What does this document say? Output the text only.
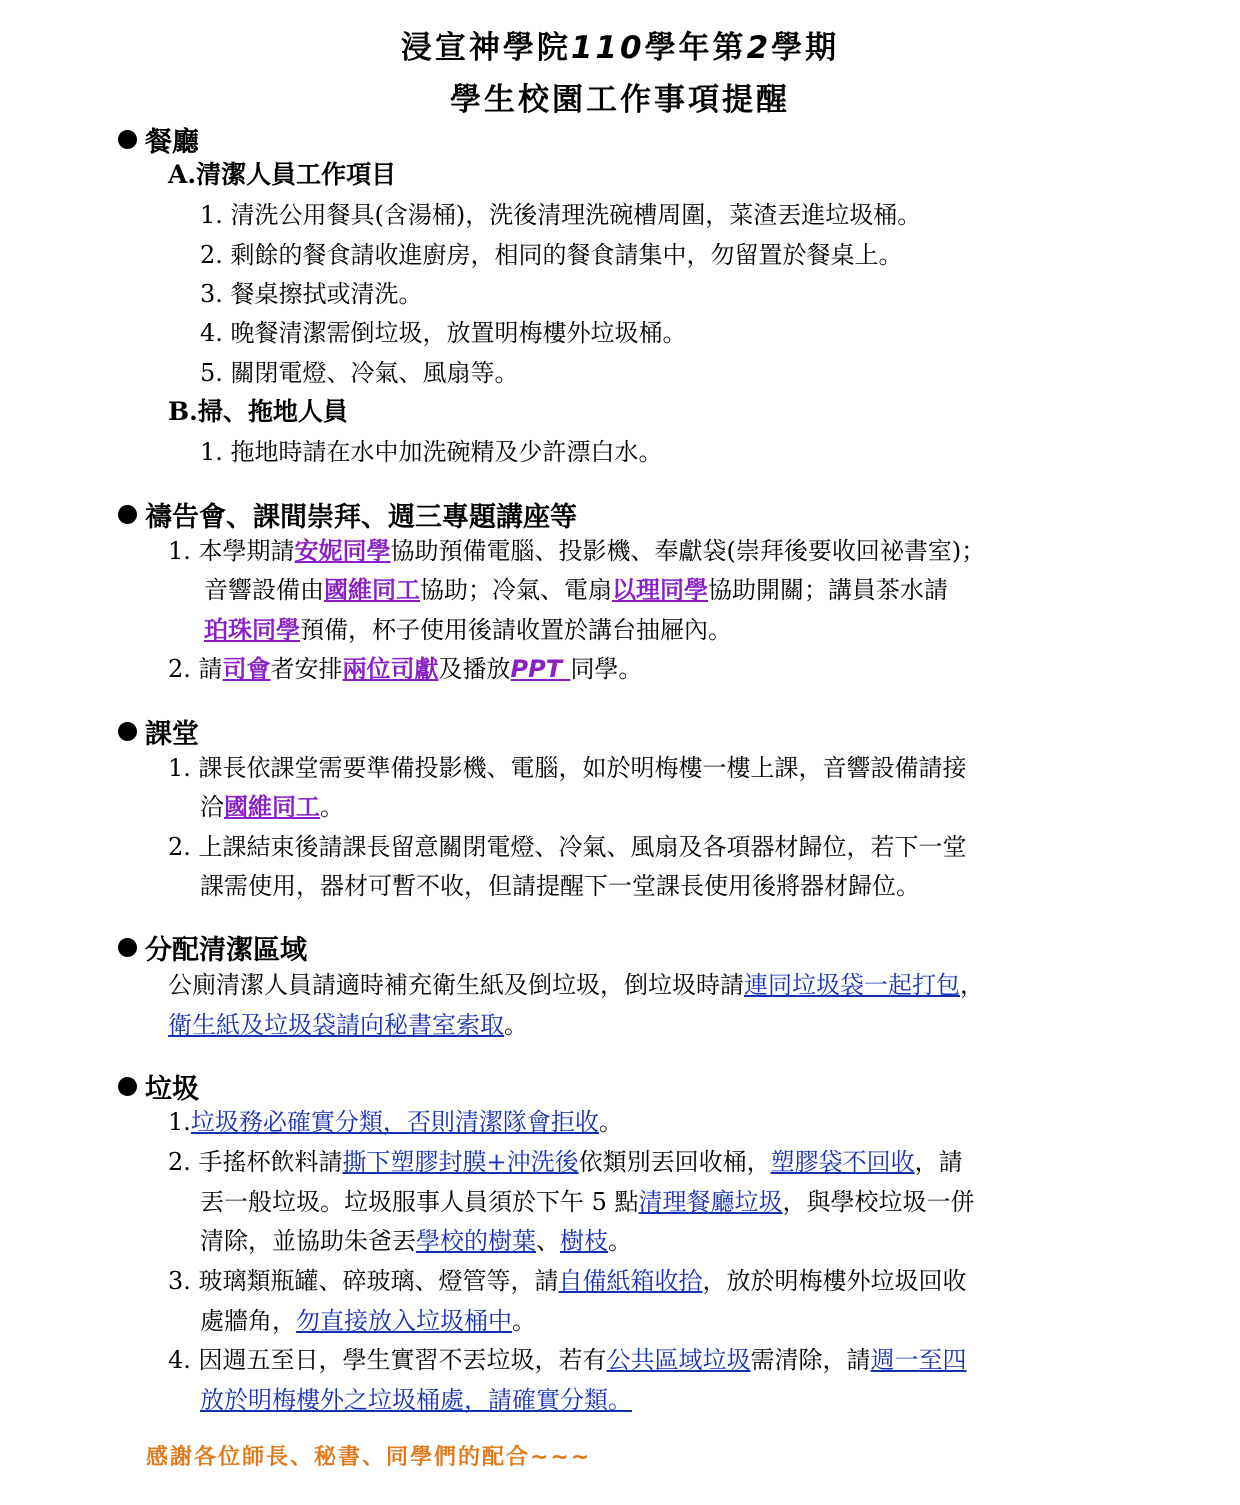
浸宣神學院110學年第2學期
學生校園工作事項提醒
餐廳
A.清潔人員工作項目
1. 清洗公用餐具(含湯桶)，洗後清理洗碗槽周圍，菜渣丟進垃圾桶。
2. 剩餘的餐食請收進廚房，相同的餐食請集中，勿留置於餐桌上。
3. 餐桌擦拭或清洗。
4. 晚餐清潔需倒垃圾，放置明梅樓外垃圾桶。
5. 關閉電燈、冷氣、風扇等。
B.掃、拖地人員
1. 拖地時請在水中加洗碗精及少許漂白水。
禱告會、課間崇拜、週三專題講座等
1. 本學期請安妮同學協助預備電腦、投影機、奉獻袋(崇拜後要收回祕書室)；
音響設備由國維同工協助；冷氣、電扇以理同學協助開關；講員茶水請
珀珠同學預備，杯子使用後請收置於講台抽屜內。
2. 請司會者安排兩位司獻及播放PPT 同學。
課堂
1. 課長依課堂需要準備投影機、電腦，如於明梅樓一樓上課，音響設備請接
洽國維同工。
2. 上課結束後請課長留意關閉電燈、冷氣、風扇及各項器材歸位，若下一堂
課需使用，器材可暫不收，但請提醒下一堂課長使用後將器材歸位。
分配清潔區域
公廁清潔人員請適時補充衛生紙及倒垃圾，倒垃圾時請連同垃圾袋一起打包，
衛生紙及垃圾袋請向秘書室索取。
垃圾
1.垃圾務必確實分類，否則清潔隊會拒收。
2. 手搖杯飲料請撕下塑膠封膜+沖洗後依類別丟回收桶，塑膠袋不回收，請
丟一般垃圾。垃圾服事人員須於下午 5 點清理餐廳垃圾，與學校垃圾一併
清除，並協助朱爸丟學校的樹葉、樹枝。
3. 玻璃類瓶罐、碎玻璃、燈管等，請自備紙箱收拾，放於明梅樓外垃圾回收
處牆角，勿直接放入垃圾桶中。
4. 因週五至日，學生實習不丟垃圾，若有公共區域垃圾需清除，請週一至四
放於明梅樓外之垃圾桶處，請確實分類。
感謝各位師長、秘書、同學們的配合~~~
